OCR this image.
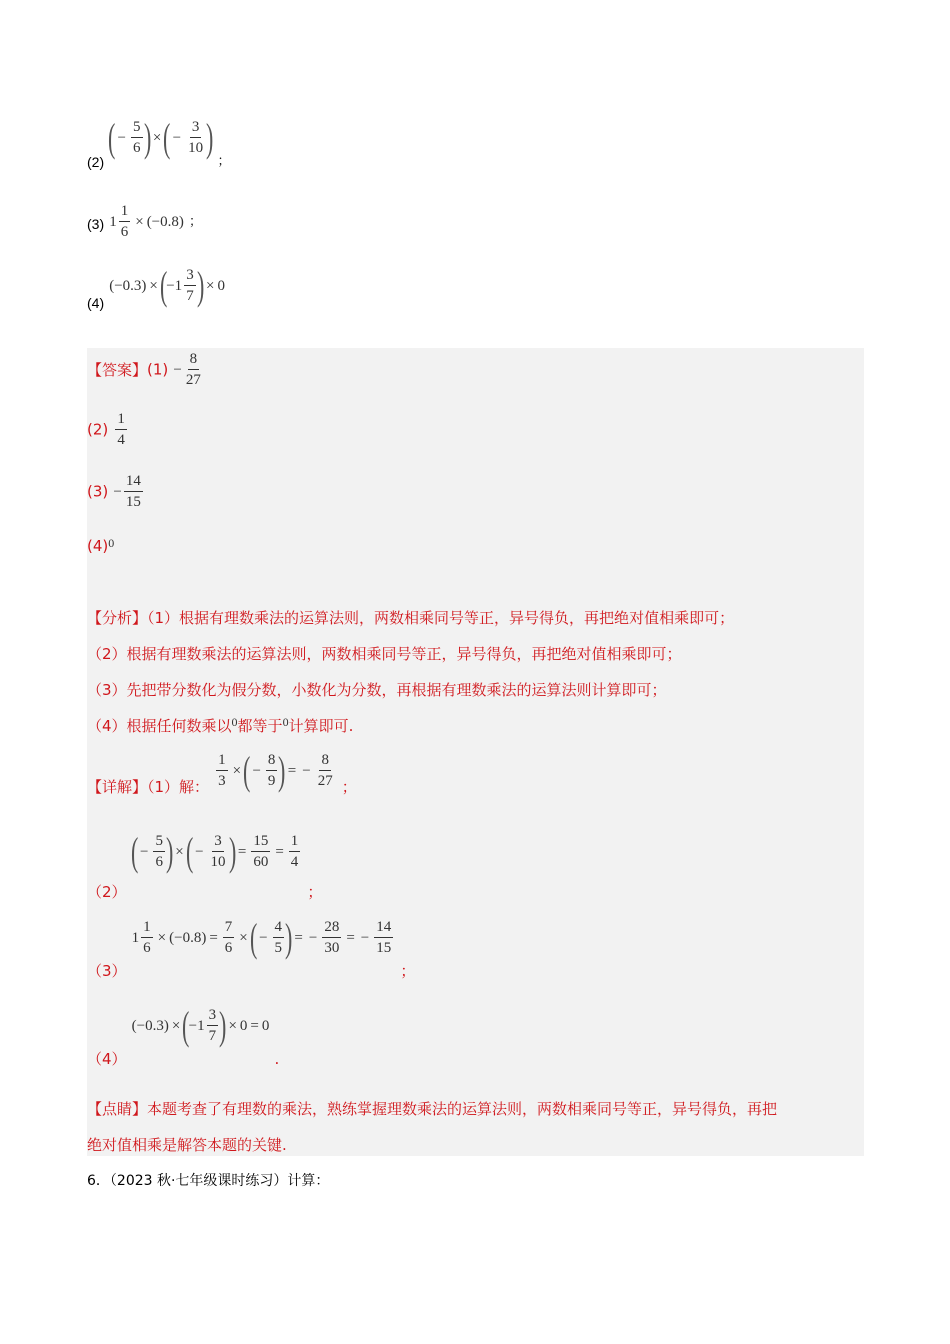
(2)
( − $\frac{5}{6}$ ) × ( − $\frac{3}{10}$ )
$_;$
(3) $1 \frac{1}{6} \times (-0.8)$ ；
(4) (−0.3) × (
$-1 \frac{3}{7}$ ) × 0
【答案】$(1) - \frac{8}{27}$
$(2) \frac{1}{4}$
$(3) - \frac{14}{15}$
(4)0
【分析】（1）根据有理数乘法的运算法则，两数相乘同号等正，异号得负，再把绝对值相乘即可；
（2）根据有理数乘法的运算法则，两数相乘同号等正，异号得负，再把绝对值相乘即可；
（3）先把带分数化为假分数，小数化为分数，再根据有理数乘法的运算法则计算即可；
（4）根据任何数乘以0都等于0计算即可.
【详解】（1）解： $\frac{1}{3}$ × ( − $\frac{8}{9}$ ) = − $\frac{8}{27}$ ；
（2）
( − $\frac{5}{6}$ ) × ( − $\frac{3}{10}$ ) = $\frac{15}{60} = \frac{1}{4}$
；
（3） $1 \frac{1}{6} \times (-0.8) = \frac{7}{6}$ × ( − $\frac{4}{5}$ ) = − $\frac{28}{30}$ = − $\frac{14}{15}$
；
（4） (−0.3) × (
$-1 \frac{3}{7}$ ) × 0 = 0 .
【点睛】本题考查了有理数的乘法，熟练掌握理数乘法的运算法则，两数相乘同号等正，异号得负，再把
绝对值相乘是解答本题的关键.
6．（2023 秋·七年级课时练习）计算：
